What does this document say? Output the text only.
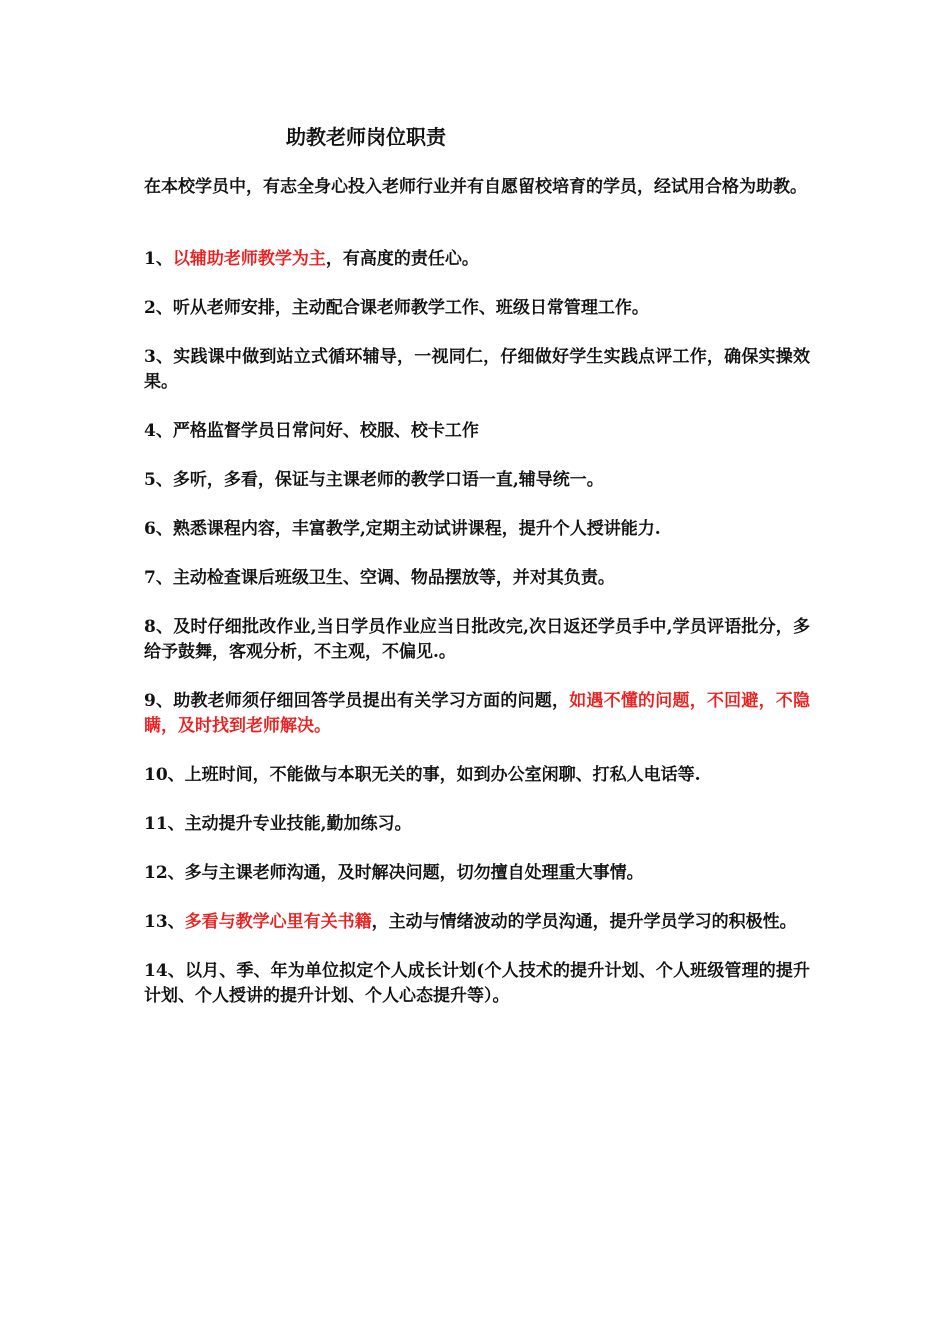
助教老师岗位职责

在本校学员中，有志全身心投入老师行业并有自愿留校培育的学员，经试用合格为助教。

1、以辅助老师教学为主，有高度的责任心。
2、听从老师安排，主动配合课老师教学工作、班级日常管理工作。
3、实践课中做到站立式循环辅导，一视同仁，仔细做好学生实践点评工作，确保实操效果。
4、严格监督学员日常问好、校服、校卡工作
5、多听，多看，保证与主课老师的教学口语一直,辅导统一。
6、熟悉课程内容，丰富教学,定期主动试讲课程，提升个人授讲能力.
7、主动检查课后班级卫生、空调、物品摆放等，并对其负责。
8、及时仔细批改作业,当日学员作业应当日批改完,次日返还学员手中,学员评语批分，多给予鼓舞，客观分析，不主观，不偏见.。
9、助教老师须仔细回答学员提出有关学习方面的问题，如遇不懂的问题，不回避，不隐瞒，及时找到老师解决。
10、上班时间，不能做与本职无关的事，如到办公室闲聊、打私人电话等.
11、主动提升专业技能,勤加练习。
12、多与主课老师沟通，及时解决问题，切勿擅自处理重大事情。
13、多看与教学心里有关书籍，主动与情绪波动的学员沟通，提升学员学习的积极性。
14、以月、季、年为单位拟定个人成长计划(个人技术的提升计划、个人班级管理的提升计划、个人授讲的提升计划、个人心态提升等）。
